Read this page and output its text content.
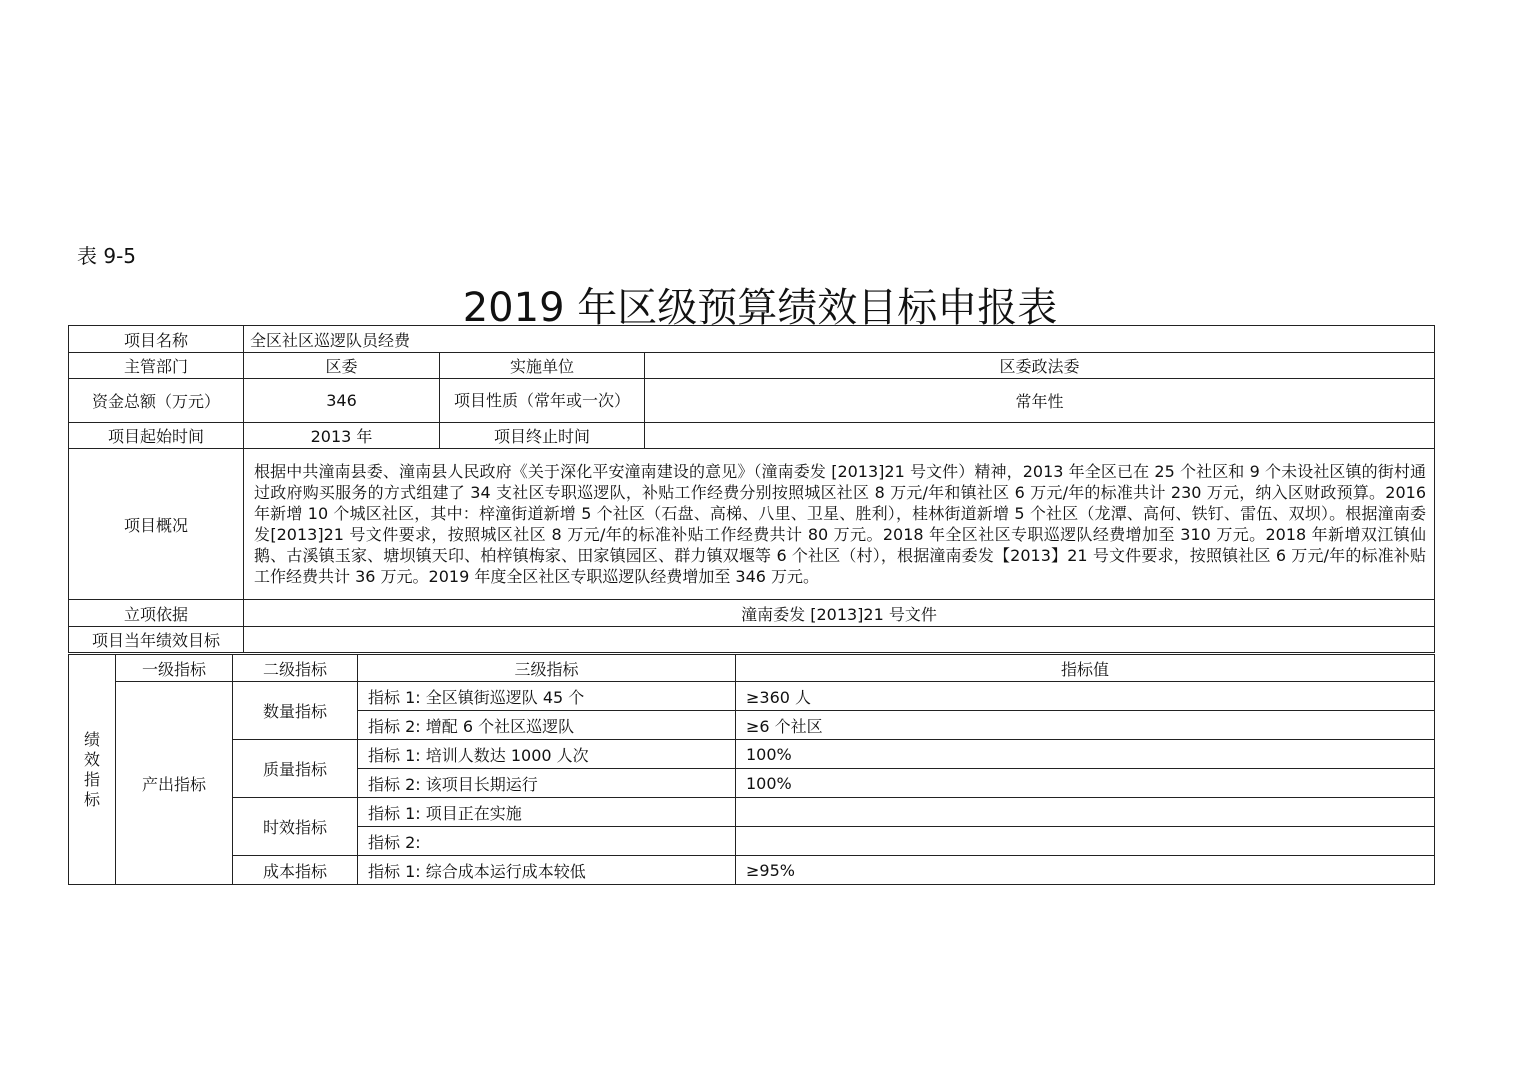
表 9-5
2019 年区级预算绩效目标申报表
项目名称	全区社区巡逻队员经费		
主管部门	区委	实施单位	区委政法委
资金总额（万元）	346	项目性质（常年或一次）	常年性
项目起始时间	2013 年	项目终止时间	
项目概况	根据中共潼南县委、潼南县人民政府《关于深化平安潼南建设的意见》（潼南委发 [2013]21 号文件）精神，2013 年全区已在 25 个社区和 9 个未设社区镇的街村通过政府购买服务的方式组建了 34 支社区专职巡逻队，补贴工作经费分别按照城区社区 8 万元/年和镇社区 6 万元/年的标准共计 230 万元，纳入区财政预算。2016 年新增 10 个城区社区，其中：梓潼街道新增 5 个社区（石盘、高梯、八里、卫星、胜利），桂林街道新增 5 个社区（龙潭、高何、铁钉、雷伍、双坝）。根据潼南委发[2013]21 号文件要求，按照城区社区 8 万元/年的标准补贴工作经费共计 80 万元。2018 年全区社区专职巡逻队经费增加至 310 万元。2018 年新增双江镇仙鹅、古溪镇玉家、塘坝镇天印、柏梓镇梅家、田家镇园区、群力镇双堰等 6 个社区（村），根据潼南委发【2013】21 号文件要求，按照镇社区 6 万元/年的标准补贴工作经费共计 36 万元。2019 年度全区社区专职巡逻队经费增加至 346 万元。		
立项依据	潼南委发 [2013]21 号文件		
项目当年绩效目标			
绩
效
指
标	一级指标	二级指标	三级指标	指标值
	产出指标	数量指标	指标 1: 全区镇街巡逻队 45 个	≥360 人
			指标 2: 增配 6 个社区巡逻队	≥6 个社区
		质量指标	指标 1: 培训人数达 1000 人次	100%
			指标 2: 该项目长期运行	100%
		时效指标	指标 1: 项目正在实施	
			指标 2:	
		成本指标	指标 1: 综合成本运行成本较低	≥95%
